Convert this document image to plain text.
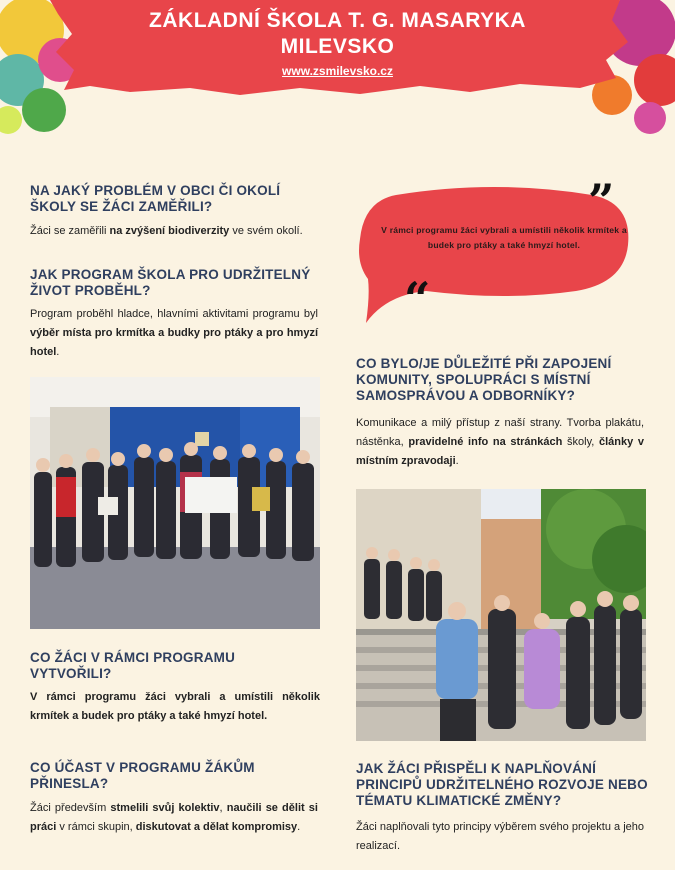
ZÁKLADNÍ ŠKOLA T. G. MASARYKA
MILEVSKO
www.zsmilevsko.cz
NA JAKÝ PROBLÉM V OBCI ČI OKOLÍ ŠKOLY SE ŽÁCI ZAMĚŘILI?

Žáci se zaměřili na zvýšení biodiverzity ve svém okolí.

JAK PROGRAM ŠKOLA PRO UDRŽITELNÝ ŽIVOT PROBĚHL?

Program proběhl hladce, hlavními aktivitami programu byl výběr místa pro krmítka a budky pro ptáky a pro hmyzí hotel.

CO ŽÁCI V RÁMCI PROGRAMU VYTVOŘILI?

V rámci programu žáci vybrali a umístili několik krmítek a budek pro ptáky a také hmyzí hotel.

CO ÚČAST V PROGRAMU ŽÁKŮM PŘINESLA?

Žáci především stmelili svůj kolektiv, naučili se dělit si práci v rámci skupin, diskutovat a dělat kompromisy.

”
V rámci programu žáci vybrali a umístili několik krmítek a budek pro ptáky a také hmyzí hotel.
“
CO BYLO/JE DŮLEŽITÉ PŘI ZAPOJENÍ KOMUNITY, SPOLUPRÁCI S MÍSTNÍ SAMOSPRÁVOU A ODBORNÍKY?

Komunikace a milý přístup z naší strany. Tvorba plakátu, nástěnka, pravidelné info na stránkách školy, články v místním zpravodaji.

JAK ŽÁCI PŘISPĚLI K NAPLŇOVÁNÍ PRINCIPŮ UDRŽITELNÉHO ROZVOJE NEBO TÉMATU KLIMATICKÉ ZMĚNY?

Žáci naplňovali tyto principy výběrem svého projektu a jeho realizací.
